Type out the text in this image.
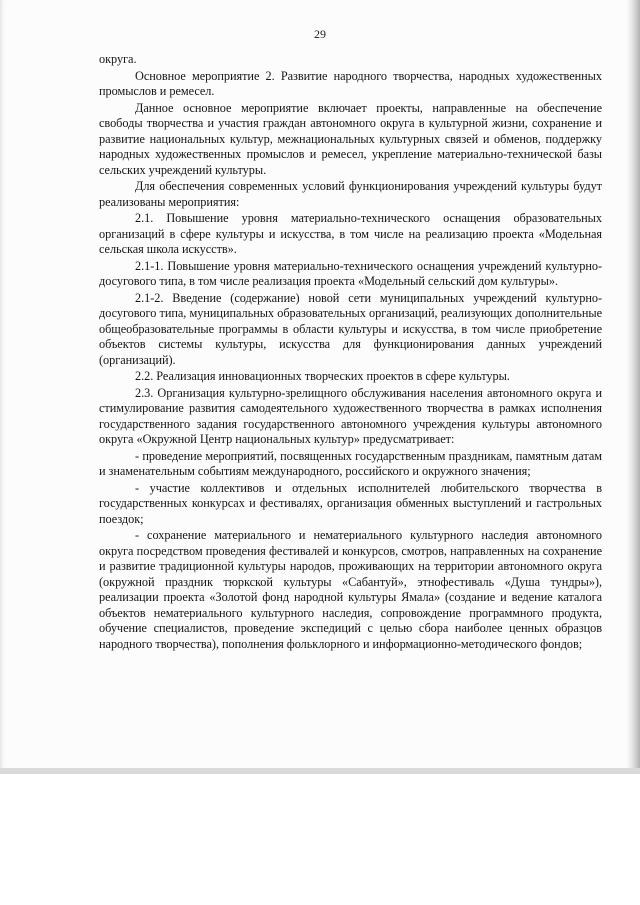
29

округа.

Основное мероприятие 2. Развитие народного творчества, народных художественных промыслов и ремесел.

Данное основное мероприятие включает проекты, направленные на обеспечение свободы творчества и участия граждан автономного округа в культурной жизни, сохранение и развитие национальных культур, межнациональных культурных связей и обменов, поддержку народных художественных промыслов и ремесел, укрепление материально-технической базы сельских учреждений культуры.

Для обеспечения современных условий функционирования учреждений культуры будут реализованы мероприятия:

2.1. Повышение уровня материально-технического оснащения образовательных организаций в сфере культуры и искусства, в том числе на реализацию проекта «Модельная сельская школа искусств».

2.1-1. Повышение уровня материально-технического оснащения учреждений культурно-досугового типа, в том числе реализация проекта «Модельный сельский дом культуры».

2.1-2. Введение (содержание) новой сети муниципальных учреждений культурно-досугового типа, муниципальных образовательных организаций, реализующих дополнительные общеобразовательные программы в области культуры и искусства, в том числе приобретение объектов системы культуры, искусства для функционирования данных учреждений (организаций).

2.2. Реализация инновационных творческих проектов в сфере культуры.

2.3. Организация культурно-зрелищного обслуживания населения автономного округа и стимулирование развития самодеятельного художественного творчества в рамках исполнения государственного задания государственного автономного учреждения культуры автономного округа «Окружной Центр национальных культур» предусматривает:

- проведение мероприятий, посвященных государственным праздникам, памятным датам и знаменательным событиям международного, российского и окружного значения;

- участие коллективов и отдельных исполнителей любительского творчества в государственных конкурсах и фестивалях, организация обменных выступлений и гастрольных поездок;

- сохранение материального и нематериального культурного наследия автономного округа посредством проведения фестивалей и конкурсов, смотров, направленных на сохранение и развитие традиционной культуры народов, проживающих на территории автономного округа (окружной праздник тюркской культуры «Сабантуй», этнофестиваль «Душа тундры»), реализации проекта «Золотой фонд народной культуры Ямала» (создание и ведение каталога объектов нематериального культурного наследия, сопровождение программного продукта, обучение специалистов, проведение экспедиций с целью сбора наиболее ценных образцов народного творчества), пополнения фольклорного и информационно-методического фондов;
